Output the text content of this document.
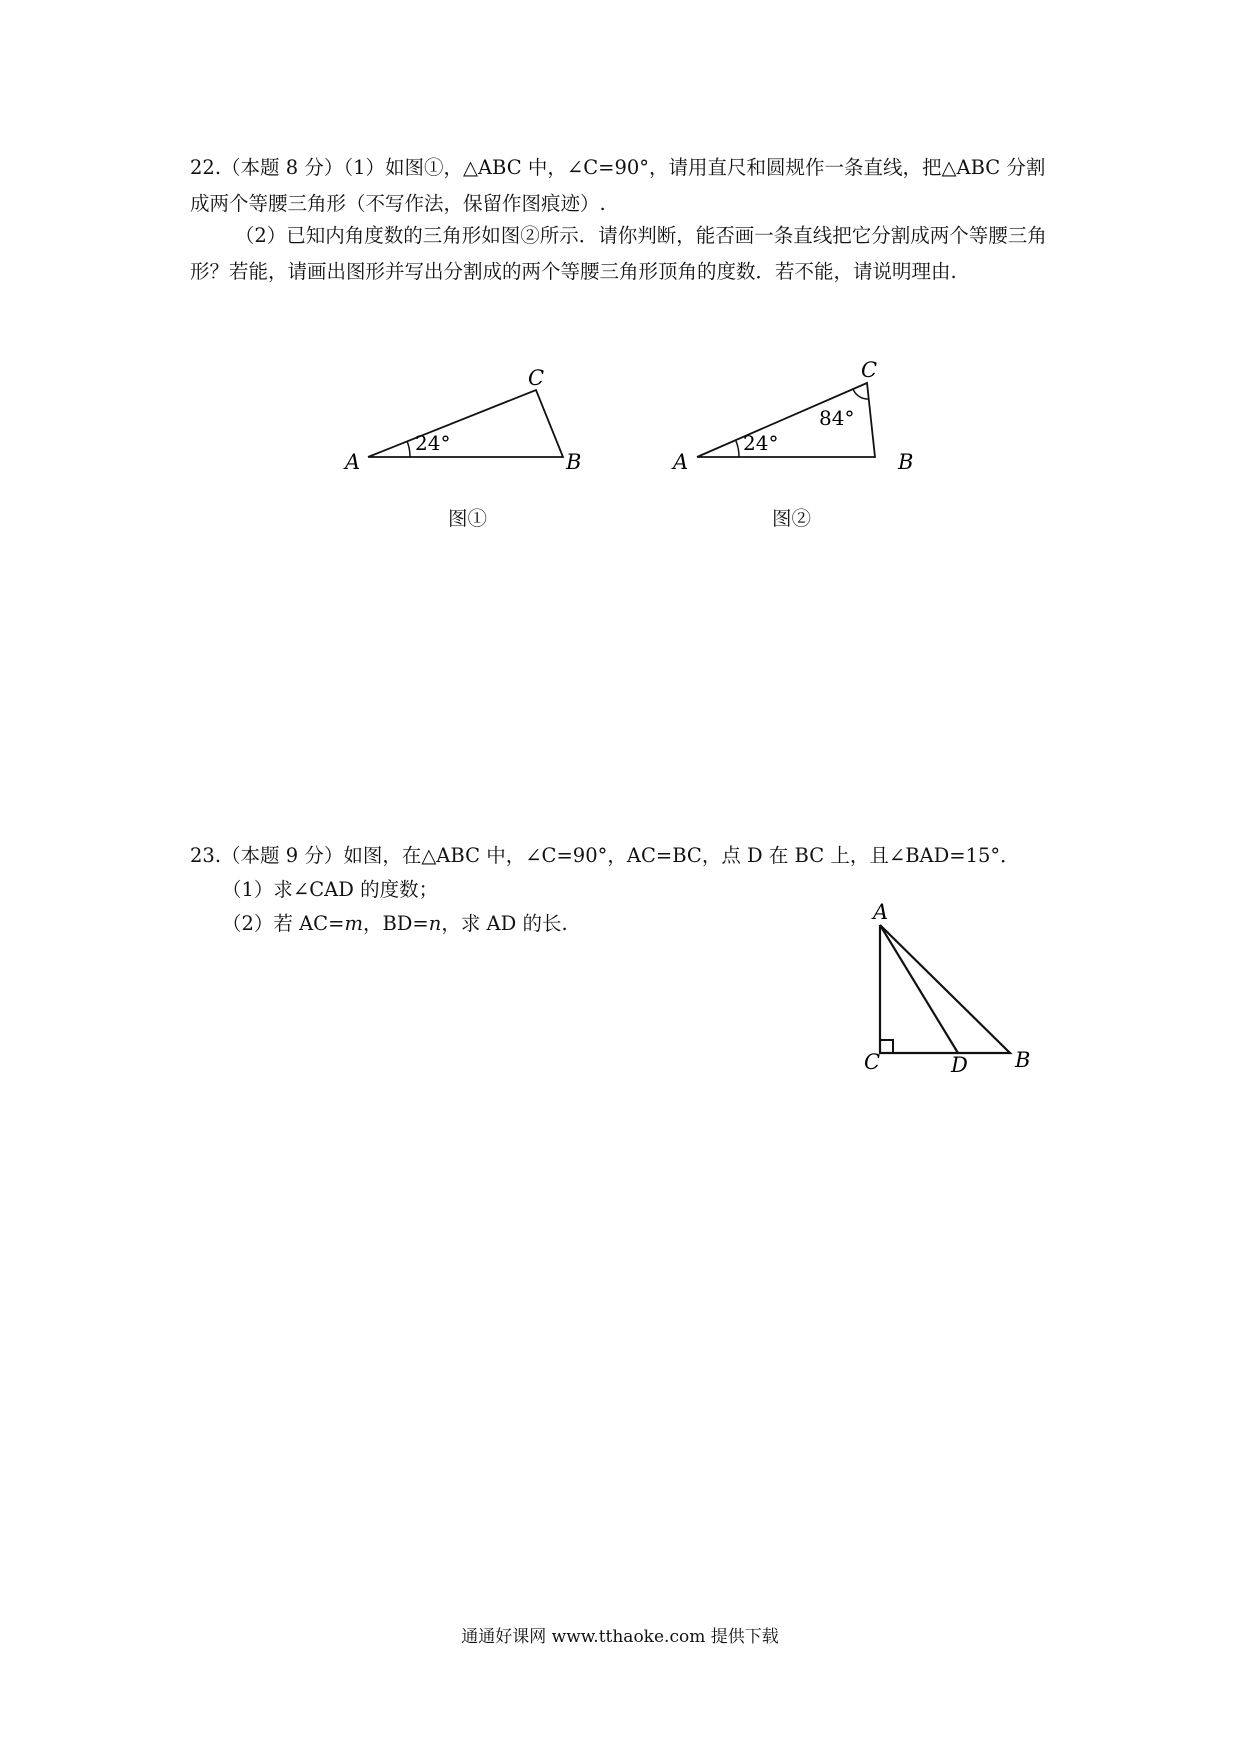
22.（本题 8 分）（1）如图①，△ABC 中，∠C=90°，请用直尺和圆规作一条直线，把△ABC 分割成两个等腰三角形（不写作法，保留作图痕迹）.

（2）已知内角度数的三角形如图②所示．请你判断，能否画一条直线把它分割成两个等腰三角形？若能，请画出图形并写出分割成的两个等腰三角形顶角的度数．若不能，请说明理由.

A	B
C
24°
图①
A	B
C
24°
84°
图②

23.（本题 9 分）如图，在△ABC 中，∠C=90°，AC=BC，点 D 在 BC 上，且∠BAD=15°．

（1）求∠CAD 的度数；

（2）若 AC=m，BD=n，求 AD 的长.	A
C	D B
通通好课网 www.tthaoke.com 提供下载
